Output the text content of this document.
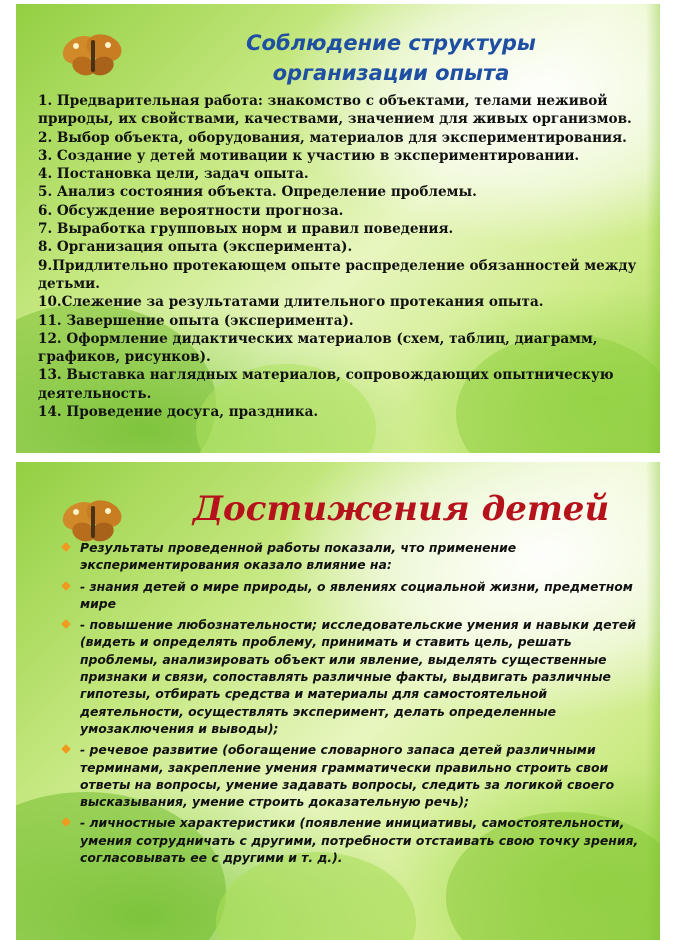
Соблюдение структуры организации опыта
1. Предварительная работа: знакомство с объектами, телами неживой природы, их свойствами, качествами, значением для живых организмов.
2. Выбор объекта, оборудования, материалов для экспериментирования.
3. Создание у детей мотивации к участию в экспериментировании.
4. Постановка цели, задач опыта.
5. Анализ состояния объекта. Определение проблемы.
6. Обсуждение вероятности прогноза.
7. Выработка групповых норм и правил поведения.
8. Организация опыта (эксперимента).
9.Придлительно протекающем опыте распределение обязанностей между детьми.
10.Слежение за результатами длительного протекания опыта.
11. Завершение опыта (эксперимента).
12. Оформление дидактических материалов (схем, таблиц, диаграмм, графиков, рисунков).
13. Выставка наглядных материалов, сопровождающих опытническую деятельность.
14. Проведение досуга, праздника.
Достижения детей
Результаты проведенной работы показали, что применение экспериментирования оказало влияние на:
- знания детей о мире природы, о явлениях социальной жизни, предметном мире
- повышение любознательности; исследовательские умения и навыки детей (видеть и определять проблему, принимать и ставить цель, решать проблемы, анализировать объект или явление, выделять существенные признаки и связи, сопоставлять различные факты, выдвигать различные гипотезы, отбирать средства и материалы для самостоятельной деятельности, осуществлять эксперимент, делать определенные умозаключения и выводы);
- речевое развитие (обогащение словарного запаса детей различными терминами, закрепление умения грамматически правильно строить свои ответы на вопросы, умение задавать вопросы, следить за логикой своего высказывания, умение строить доказательную речь);
- личностные характеристики (появление инициативы, самостоятельности, умения сотрудничать с другими, потребности отстаивать свою точку зрения, согласовывать ее с другими и т. д.).
